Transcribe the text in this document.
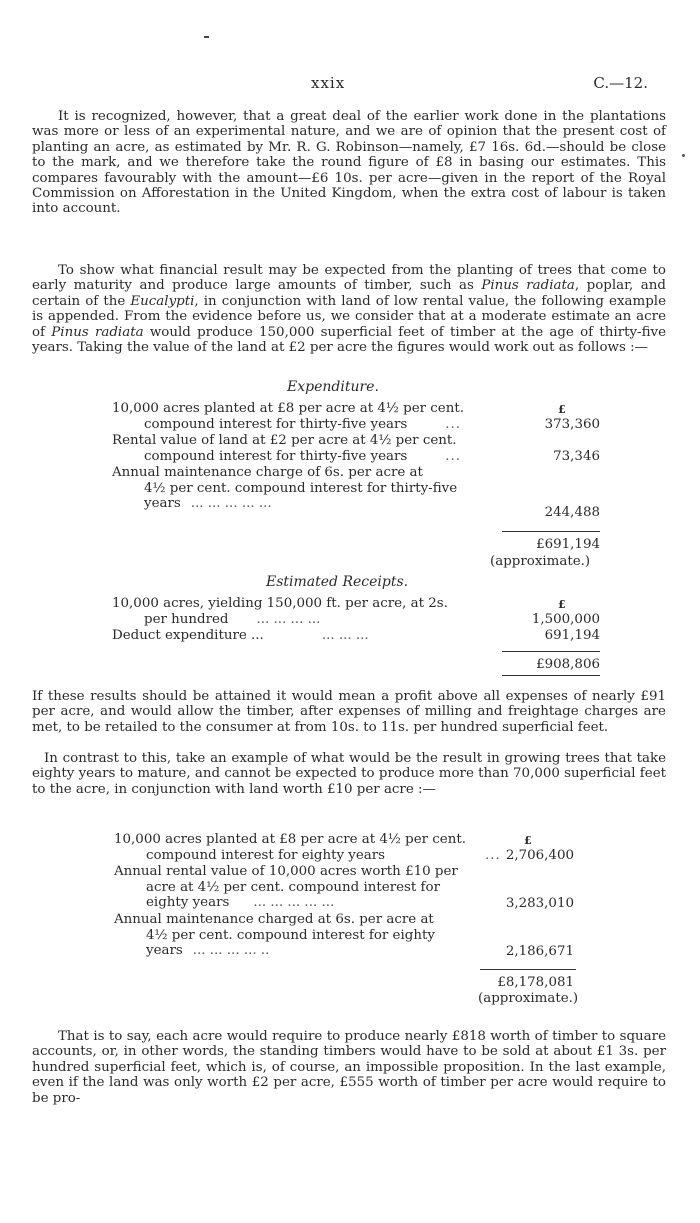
xxix	C.—12.

It is recognized, however, that a great deal of the earlier work done in the plantations was more or less of an experimental nature, and we are of opinion that the present cost of planting an acre, as estimated by Mr. R. G. Robinson—namely, £7 16s. 6d.—should be close to the mark, and we therefore take the round figure of £8 in basing our estimates. This compares favourably with the amount—£6 10s. per acre—given in the report of the Royal Commission on Afforestation in the United Kingdom, when the extra cost of labour is taken into account.

To show what financial result may be expected from the planting of trees that come to early maturity and produce large amounts of timber, such as Pinus radiata, poplar, and certain of the Eucalypti, in conjunction with land of low rental value, the following example is appended. From the evidence before us, we consider that at a moderate estimate an acre of Pinus radiata would produce 150,000 superficial feet of timber at the age of thirty-five years. Taking the value of the land at £2 per acre the figures would work out as follows :—

Expenditure.
£
10,000 acres planted at £8 per acre at 4½ per cent.
compound interest for thirty-five years	...	373,360
Rental value of land at £2 per acre at 4½ per cent.
compound interest for thirty-five years	...	73,346
Annual maintenance charge of 6s. per acre at
4½ per cent. compound interest for thirty-five
years ... ... ... ... ...
244,488
£691,194
(approximate.)
Estimated Receipts.
£
10,000 acres, yielding 150,000 ft. per acre, at 2s.
per hundred ... ... ... ...	1,500,000
Deduct expenditure ...	... ... ...	691,194
£908,806

If these results should be attained it would mean a profit above all expenses of nearly £91 per acre, and would allow the timber, after expenses of milling and freightage charges are met, to be retailed to the consumer at from 10s. to 11s. per hundred superficial feet.

In contrast to this, take an example of what would be the result in growing trees that take eighty years to mature, and cannot be expected to produce more than 70,000 superficial feet to the acre, in conjunction with land worth £10 per acre :—

£
10,000 acres planted at £8 per acre at 4½ per cent.
compound interest for eighty years	... 2,706,400
Annual rental value of 10,000 acres worth £10 per
acre at 4½ per cent. compound interest for
eighty years ... ... ... ... ...	3,283,010
Annual maintenance charged at 6s. per acre at
4½ per cent. compound interest for eighty
years ... ... ... ... ..	2,186,671
£8,178,081
(approximate.)

That is to say, each acre would require to produce nearly £818 worth of timber to square accounts, or, in other words, the standing timbers would have to be sold at about £1 3s. per hundred superficial feet, which is, of course, an impossible proposition. In the last example, even if the land was only worth £2 per acre, £555 worth of timber per acre would require to be pro-
